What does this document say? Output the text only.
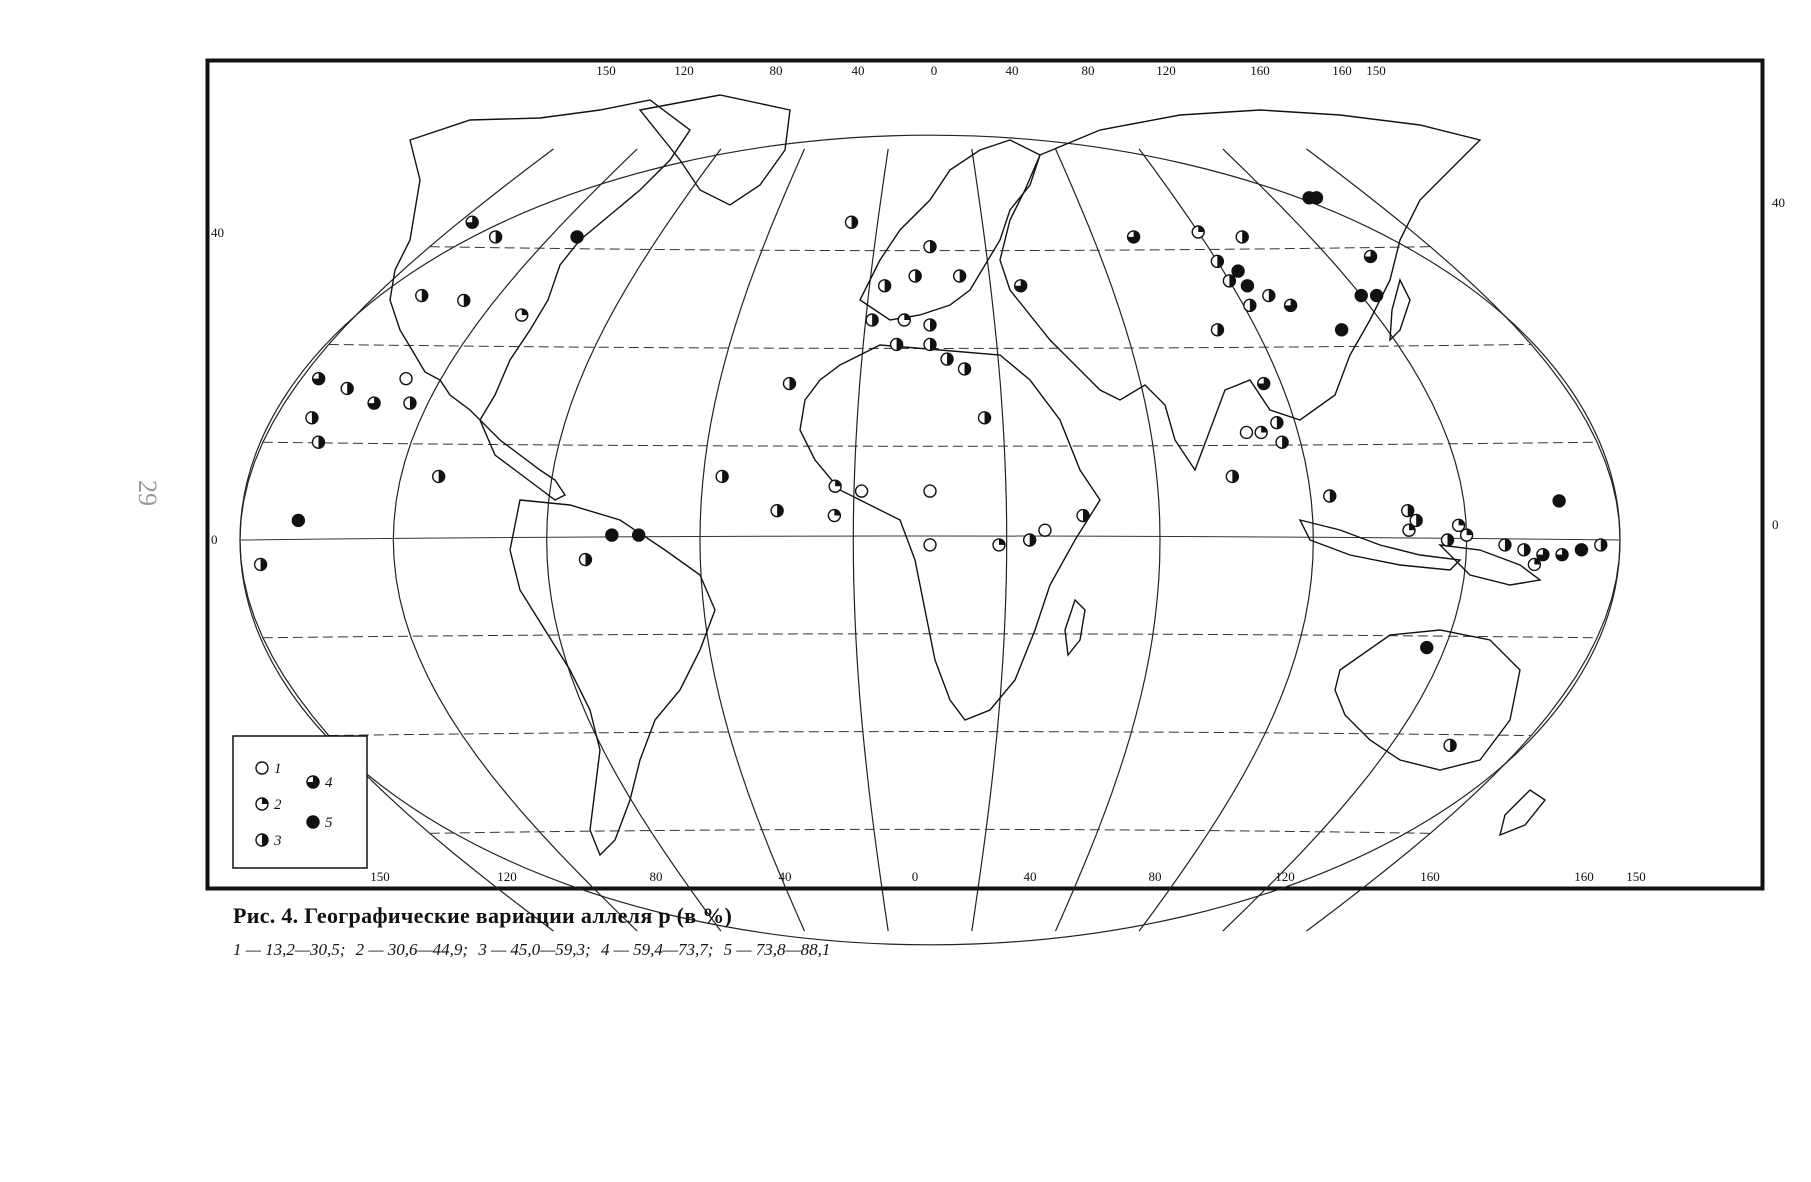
150	120	80	40	0	40	80	120	160	160 150
150	120	80	40	0	40	80	120	160	160	150
40
0
40
0
1
2
3
4
5
29
Рис. 4. Географические вариации аллеля р (в %)
1 — 13,2—30,5; 2 — 30,6—44,9; 3 — 45,0—59,3; 4 — 59,4—73,7; 5 — 73,8—88,1
